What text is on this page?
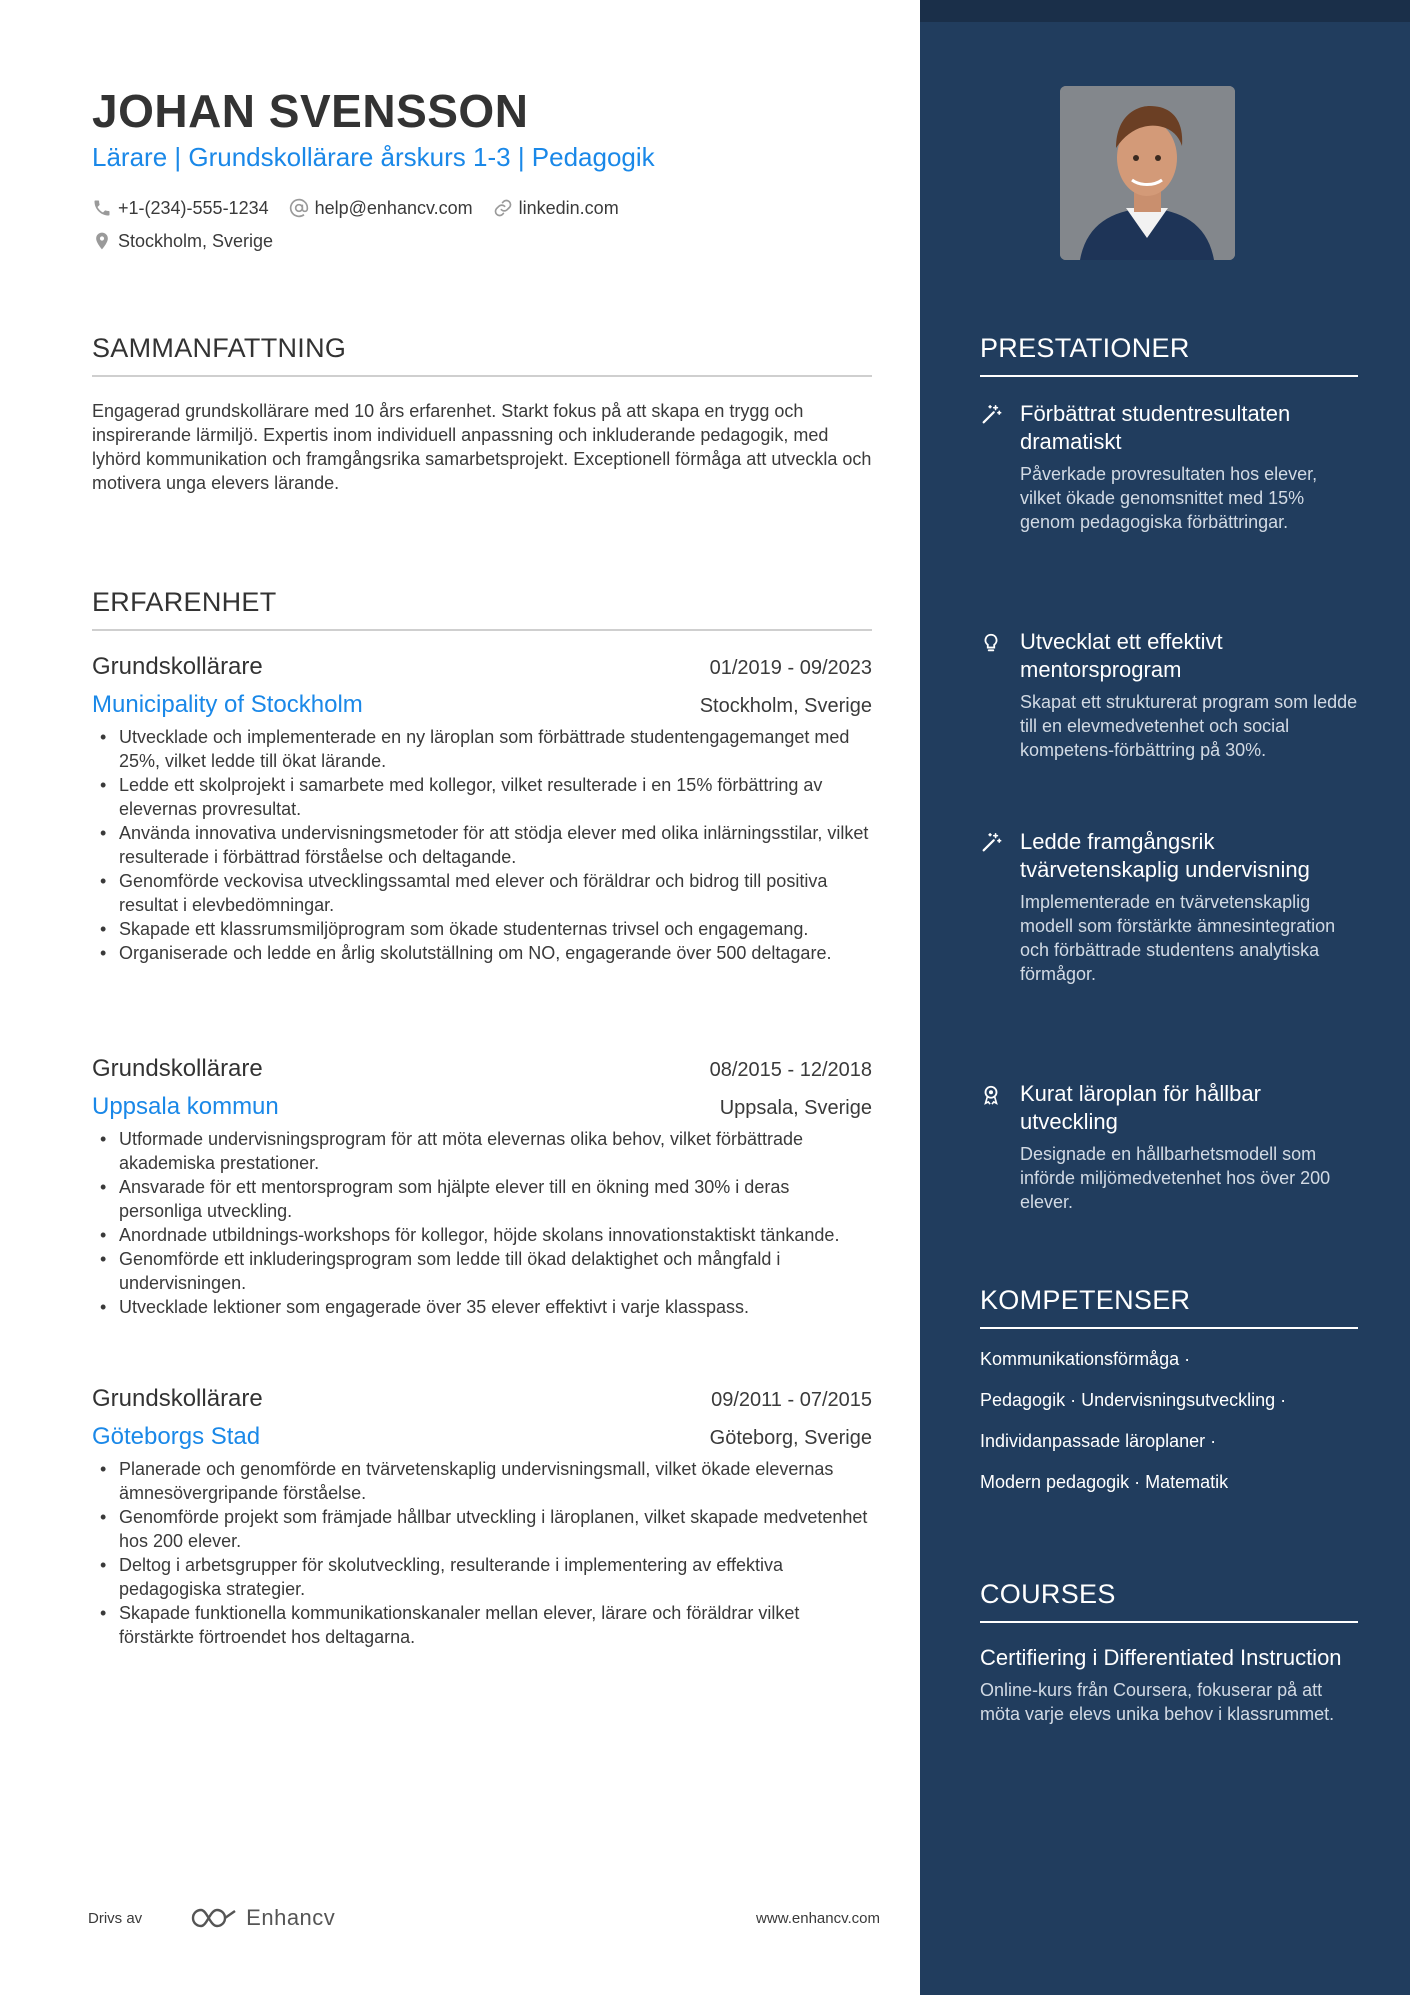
JOHAN SVENSSON
Lärare | Grundskollärare årskurs 1-3 | Pedagogik
+1-(234)-555-1234	help@enhancv.com	linkedin.com
Stockholm, Sverige
SAMMANFATTNING
Engagerad grundskollärare med 10 års erfarenhet. Starkt fokus på att skapa en trygg och inspirerande lärmiljö. Expertis inom individuell anpassning och inkluderande pedagogik, med lyhörd kommunikation och framgångsrika samarbetsprojekt. Exceptionell förmåga att utveckla och motivera unga elevers lärande.
ERFARENHET
Grundskollärare	01/2019 - 09/2023
Municipality of Stockholm	Stockholm, Sverige
• Utvecklade och implementerade en ny läroplan som förbättrade studentengagemanget med 25%, vilket ledde till ökat lärande.
• Ledde ett skolprojekt i samarbete med kollegor, vilket resulterade i en 15% förbättring av elevernas provresultat.
• Använda innovativa undervisningsmetoder för att stödja elever med olika inlärningsstilar, vilket resulterade i förbättrad förståelse och deltagande.
• Genomförde veckovisa utvecklingssamtal med elever och föräldrar och bidrog till positiva resultat i elevbedömningar.
• Skapade ett klassrumsmiljöprogram som ökade studenternas trivsel och engagemang.
• Organiserade och ledde en årlig skolutställning om NO, engagerande över 500 deltagare.
Grundskollärare	08/2015 - 12/2018
Uppsala kommun	Uppsala, Sverige
• Utformade undervisningsprogram för att möta elevernas olika behov, vilket förbättrade akademiska prestationer.
• Ansvarade för ett mentorsprogram som hjälpte elever till en ökning med 30% i deras personliga utveckling.
• Anordnade utbildnings-workshops för kollegor, höjde skolans innovationstaktiskt tänkande.
• Genomförde ett inkluderingsprogram som ledde till ökad delaktighet och mångfald i undervisningen.
• Utvecklade lektioner som engagerade över 35 elever effektivt i varje klasspass.
Grundskollärare	09/2011 - 07/2015
Göteborgs Stad	Göteborg, Sverige
• Planerade och genomförde en tvärvetenskaplig undervisningsmall, vilket ökade elevernas ämnesövergripande förståelse.
• Genomförde projekt som främjade hållbar utveckling i läroplanen, vilket skapade medvetenhet hos 200 elever.
• Deltog i arbetsgrupper för skolutveckling, resulterande i implementering av effektiva pedagogiska strategier.
• Skapade funktionella kommunikationskanaler mellan elever, lärare och föräldrar vilket förstärkte förtroendet hos deltagarna.
Drivs av	Enhancv	www.enhancv.com
PRESTATIONER
Förbättrat studentresultaten dramatiskt
Påverkade provresultaten hos elever, vilket ökade genomsnittet med 15% genom pedagogiska förbättringar.
Utvecklat ett effektivt mentorsprogram
Skapat ett strukturerat program som ledde till en elevmedvetenhet och social kompetens-förbättring på 30%.
Ledde framgångsrik tvärvetenskaplig undervisning
Implementerade en tvärvetenskaplig modell som förstärkte ämnesintegration och förbättrade studentens analytiska förmågor.
Kurat läroplan för hållbar utveckling
Designade en hållbarhetsmodell som införde miljömedvetenhet hos över 200 elever.
KOMPETENSER
Kommunikationsförmåga ·
Pedagogik · Undervisningsutveckling ·
Individanpassade läroplaner ·
Modern pedagogik · Matematik
COURSES
Certifiering i Differentiated Instruction
Online-kurs från Coursera, fokuserar på att möta varje elevs unika behov i klassrummet.
